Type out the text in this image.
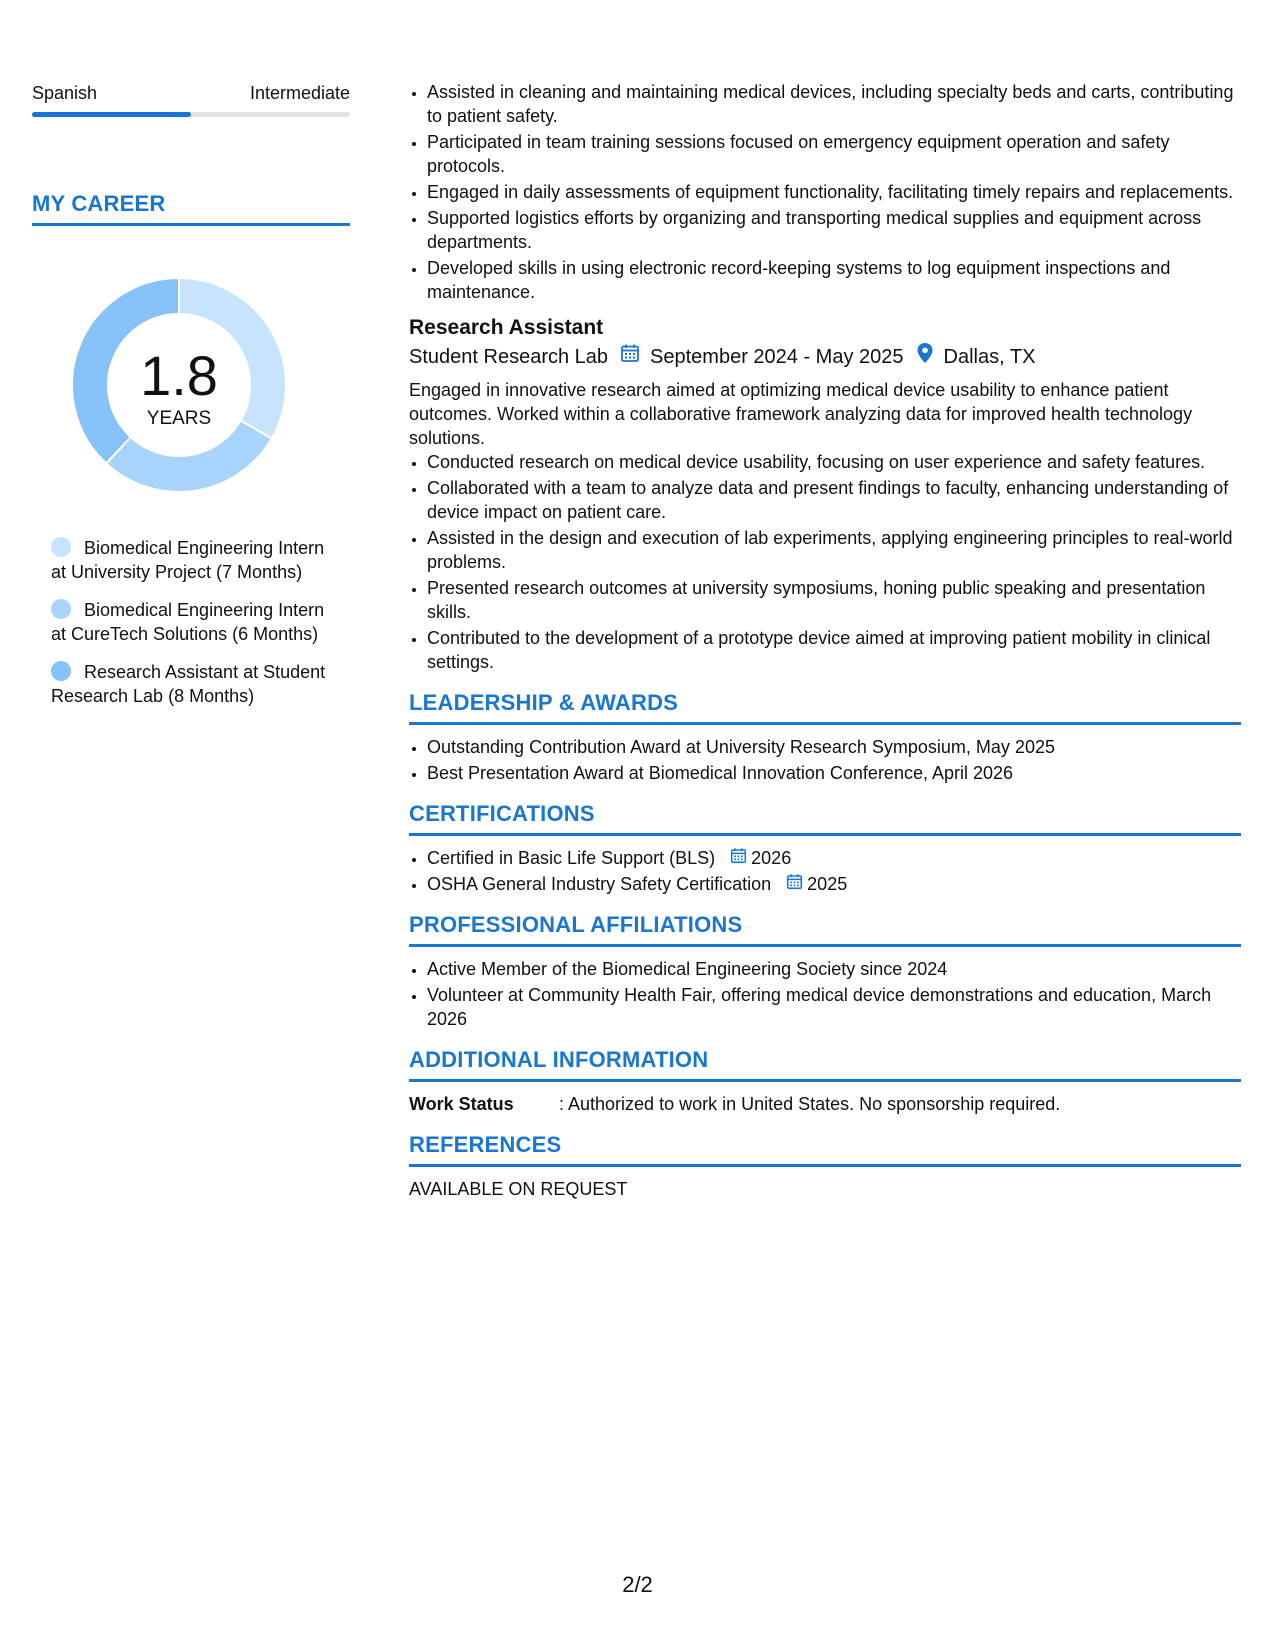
Spanish	Intermediate
MY CAREER
1.8
YEARS
Biomedical Engineering Intern at University Project (7 Months)
Biomedical Engineering Intern at CureTech Solutions (6 Months)
Research Assistant at Student Research Lab (8 Months)
• Assisted in cleaning and maintaining medical devices, including specialty beds and carts, contributing to patient safety.
• Participated in team training sessions focused on emergency equipment operation and safety protocols.
• Engaged in daily assessments of equipment functionality, facilitating timely repairs and replacements.
• Supported logistics efforts by organizing and transporting medical supplies and equipment across departments.
• Developed skills in using electronic record-keeping systems to log equipment inspections and maintenance.
Research Assistant
Student Research Lab September 2024 - May 2025 Dallas, TX
Engaged in innovative research aimed at optimizing medical device usability to enhance patient outcomes. Worked within a collaborative framework analyzing data for improved health technology solutions.
• Conducted research on medical device usability, focusing on user experience and safety features.
• Collaborated with a team to analyze data and present findings to faculty, enhancing understanding of device impact on patient care.
• Assisted in the design and execution of lab experiments, applying engineering principles to real-world problems.
• Presented research outcomes at university symposiums, honing public speaking and presentation skills.
• Contributed to the development of a prototype device aimed at improving patient mobility in clinical settings.
LEADERSHIP & AWARDS
• Outstanding Contribution Award at University Research Symposium, May 2025
• Best Presentation Award at Biomedical Innovation Conference, April 2026
CERTIFICATIONS
• Certified in Basic Life Support (BLS) 2026
• OSHA General Industry Safety Certification 2025
PROFESSIONAL AFFILIATIONS
• Active Member of the Biomedical Engineering Society since 2024
• Volunteer at Community Health Fair, offering medical device demonstrations and education, March 2026
ADDITIONAL INFORMATION
Work Status	: Authorized to work in United States. No sponsorship required.
REFERENCES
AVAILABLE ON REQUEST
2/2
